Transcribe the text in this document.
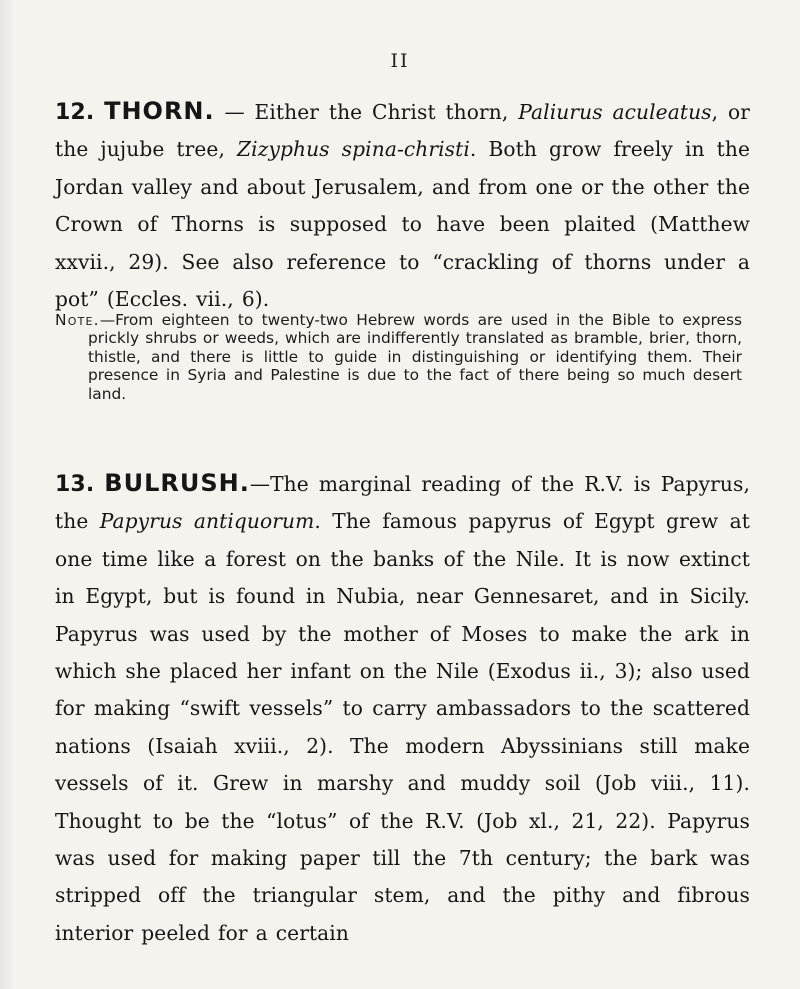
II
12. THORN. — Either the Christ thorn, Paliurus aculeatus, or the jujube tree, Zizyphus spina-christi. Both grow freely in the Jordan valley and about Jerusalem, and from one or the other the Crown of Thorns is supposed to have been plaited (Matthew xxvii., 29). See also reference to “crackling of thorns under a pot” (Eccles. vii., 6).
Note.—From eighteen to twenty-two Hebrew words are used in the Bible to express prickly shrubs or weeds, which are indifferently translated as bramble, brier, thorn, thistle, and there is little to guide in distinguishing or identifying them. Their presence in Syria and Palestine is due to the fact of there being so much desert land.
13. BULRUSH.—The marginal reading of the R.V. is Papyrus, the Papyrus antiquorum. The famous papyrus of Egypt grew at one time like a forest on the banks of the Nile. It is now extinct in Egypt, but is found in Nubia, near Gennesaret, and in Sicily. Papyrus was used by the mother of Moses to make the ark in which she placed her infant on the Nile (Exodus ii., 3); also used for making “swift vessels” to carry ambassadors to the scattered nations (Isaiah xviii., 2). The modern Abyssinians still make vessels of it. Grew in marshy and muddy soil (Job viii., 11). Thought to be the “lotus” of the R.V. (Job xl., 21, 22). Papyrus was used for making paper till the 7th century; the bark was stripped off the triangular stem, and the pithy and fibrous interior peeled for a certain
